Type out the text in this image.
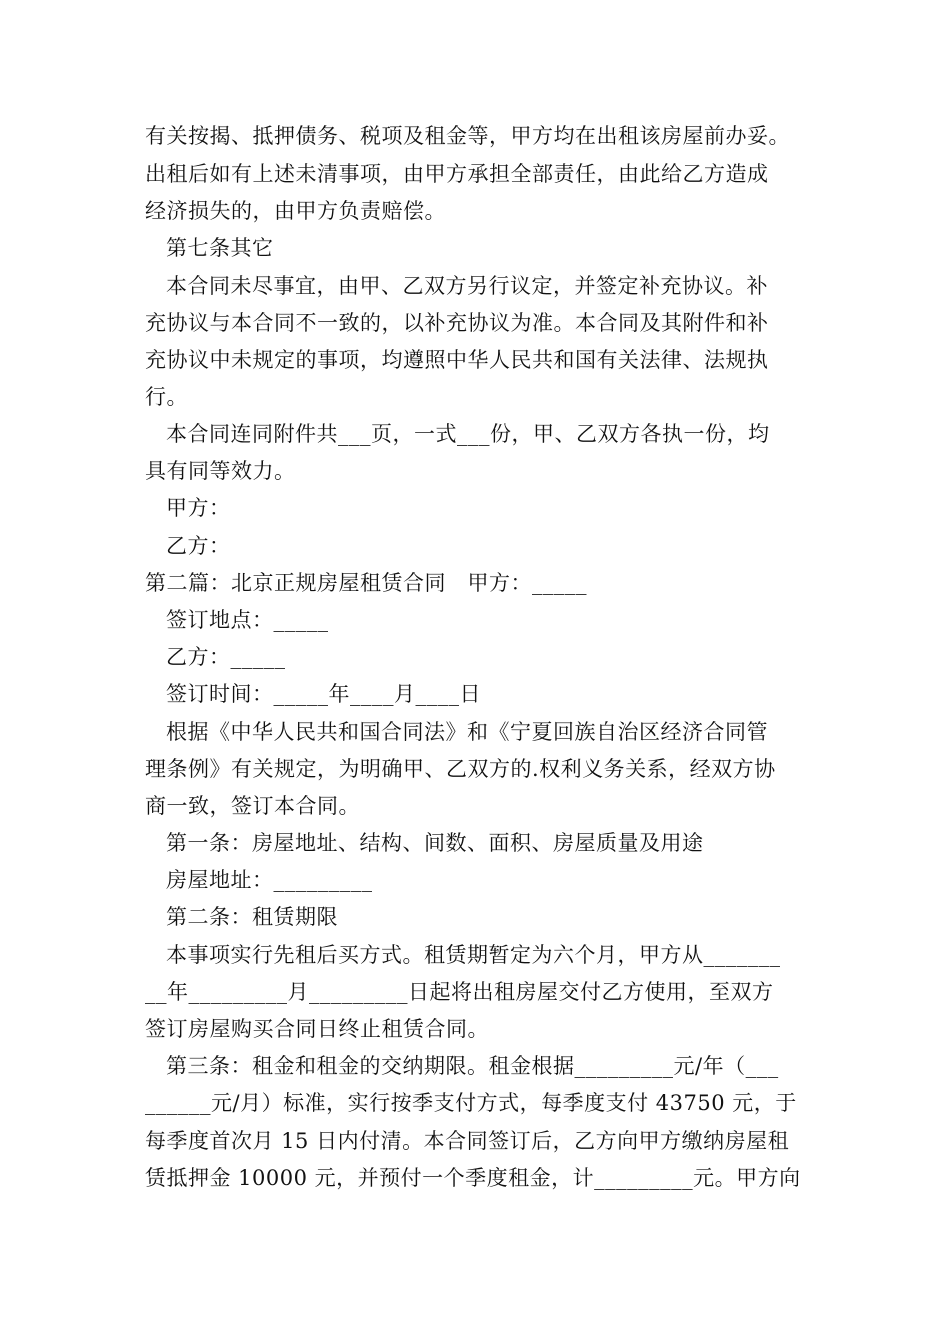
有关按揭、抵押债务、税项及租金等，甲方均在出租该房屋前办妥。
出租后如有上述未清事项，由甲方承担全部责任，由此给乙方造成
经济损失的，由甲方负责赔偿。
第七条其它
本合同未尽事宜，由甲、乙双方另行议定，并签定补充协议。补
充协议与本合同不一致的，以补充协议为准。本合同及其附件和补
充协议中未规定的事项，均遵照中华人民共和国有关法律、法规执
行。
本合同连同附件共___页，一式___份，甲、乙双方各执一份，均
具有同等效力。
甲方：
乙方：
第二篇：北京正规房屋租赁合同　甲方：_____
签订地点：_____
乙方：_____
签订时间：_____年____月____日
根据《中华人民共和国合同法》和《宁夏回族自治区经济合同管
理条例》有关规定，为明确甲、乙双方的.权利义务关系，经双方协
商一致，签订本合同。
第一条：房屋地址、结构、间数、面积、房屋质量及用途
房屋地址：_________
第二条：租赁期限
本事项实行先租后买方式。租赁期暂定为六个月，甲方从_______
__年_________月_________日起将出租房屋交付乙方使用，至双方
签订房屋购买合同日终止租赁合同。
第三条：租金和租金的交纳期限。租金根据_________元/年（___
______元/月）标准，实行按季支付方式，每季度支付 43750 元，于
每季度首次月 15 日内付清。本合同签订后，乙方向甲方缴纳房屋租
赁抵押金 10000 元，并预付一个季度租金，计_________元。甲方向
